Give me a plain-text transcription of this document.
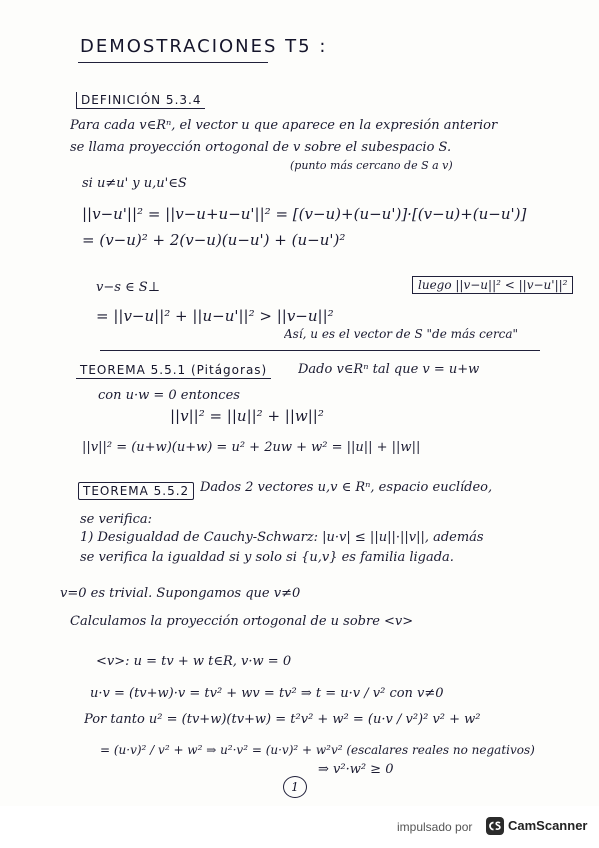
DEMOSTRACIONES T5 :
DEFINICIÓN 5.3.4
Para cada v∈Rⁿ, el vector u que aparece en la expresión anterior
se llama proyección ortogonal de v sobre el subespacio S.
(punto más cercano de S a v)
si u≠u' y u,u'∈S
||v−u'||² = ||v−u+u−u'||² = [(v−u)+(u−u')]·[(v−u)+(u−u')]
= (v−u)² + 2(v−u)(u−u') + (u−u')²
v−s ∈ S⊥
= ||v−u||² + ||u−u'||² > ||v−u||²
Así, u es el vector de S "de más cerca"
luego ||v−u||² < ||v−u'||²
TEOREMA 5.5.1 (Pitágoras)	Dado v∈Rⁿ tal que v = u+w
con u·w = 0 entonces
||v||² = ||u||² + ||w||²
||v||² = (u+w)(u+w) = u² + 2uw + w² = ||u|| + ||w||
TEOREMA 5.5.2 Dados 2 vectores u,v ∈ Rⁿ, espacio euclídeo,
se verifica:
1) Desigualdad de Cauchy-Schwarz: |u·v| ≤ ||u||·||v||, además
se verifica la igualdad si y solo si {u,v} es familia ligada.
v=0 es trivial. Supongamos que v≠0
Calculamos la proyección ortogonal de u sobre <v>
<v>: u = tv + w t∈R, v·w = 0
u·v = (tv+w)·v = tv² + wv = tv² ⇒ t = u·v / v² con v≠0
Por tanto u² = (tv+w)(tv+w) = t²v² + w² = (u·v / v²)² v² + w²
= (u·v)² / v² + w² ⇒ u²·v² = (u·v)² + w²v² (escalares reales no negativos)
⇒ v²·w² ≥ 0
1
impulsado por	CamScanner
